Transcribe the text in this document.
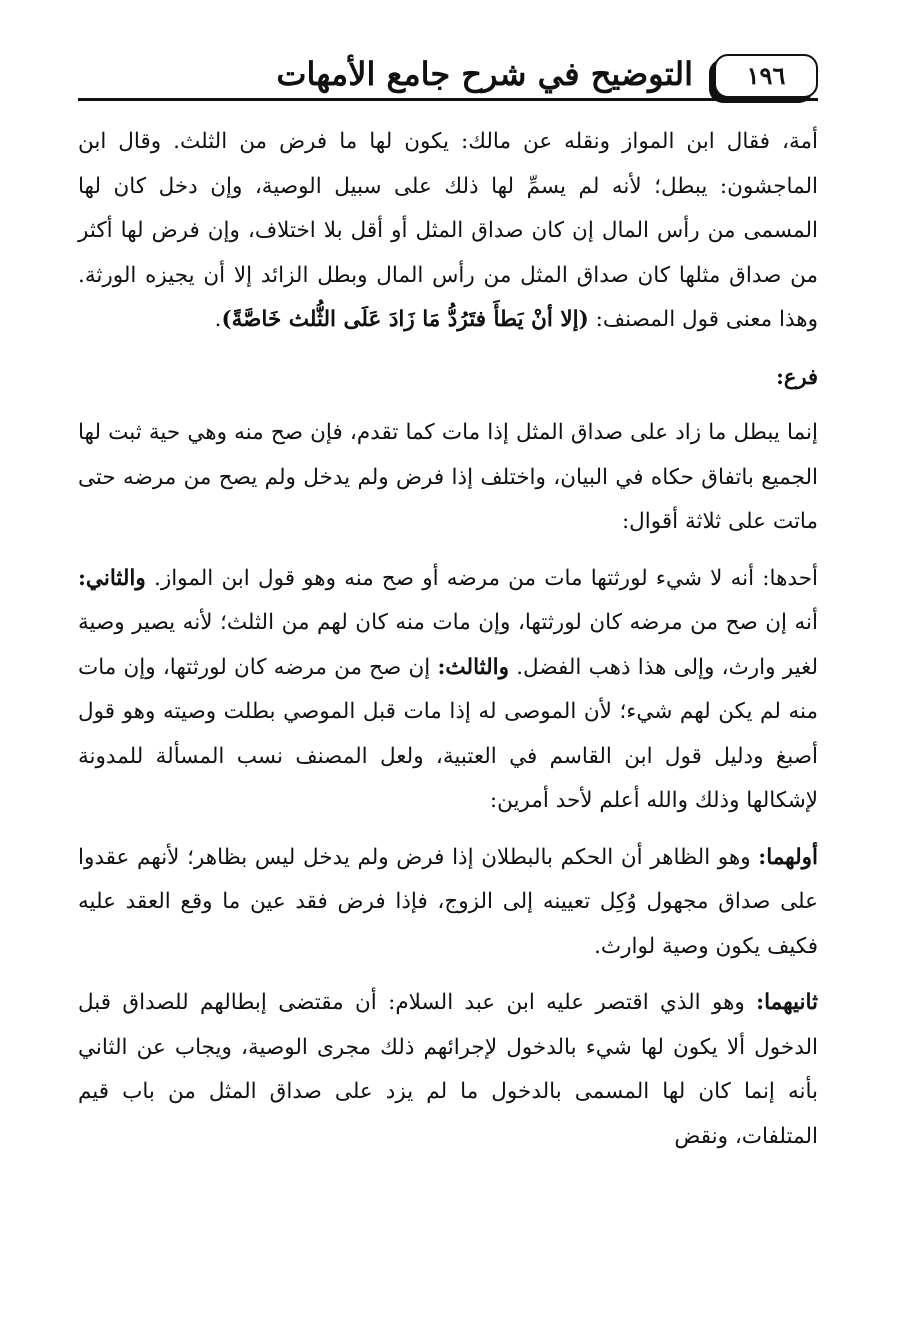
١٩٦
التوضيح في شرح جامع الأمهات

أمة، فقال ابن المواز ونقله عن مالك: يكون لها ما فرض من الثلث. وقال ابن الماجشون: يبطل؛ لأنه لم يسمِّ لها ذلك على سبيل الوصية، وإن دخل كان لها المسمى من رأس المال إن كان صداق المثل أو أقل بلا اختلاف، وإن فرض لها أكثر من صداق مثلها كان صداق المثل من رأس المال وبطل الزائد إلا أن يجيزه الورثة. وهذا معنى قول المصنف: (إلا أنْ يَطأَ فتَرُدُّ مَا زَادَ عَلَى الثُّلث خَاصَّةً).

فرع:

إنما يبطل ما زاد على صداق المثل إذا مات كما تقدم، فإن صح منه وهي حية ثبت لها الجميع باتفاق حكاه في البيان، واختلف إذا فرض ولم يدخل ولم يصح من مرضه حتى ماتت على ثلاثة أقوال:

أحدها: أنه لا شيء لورثتها مات من مرضه أو صح منه وهو قول ابن المواز. والثاني: أنه إن صح من مرضه كان لورثتها، وإن مات منه كان لهم من الثلث؛ لأنه يصير وصية لغير وارث، وإلى هذا ذهب الفضل. والثالث: إن صح من مرضه كان لورثتها، وإن مات منه لم يكن لهم شيء؛ لأن الموصى له إذا مات قبل الموصي بطلت وصيته وهو قول أصبغ ودليل قول ابن القاسم في العتبية، ولعل المصنف نسب المسألة للمدونة لإشكالها وذلك والله أعلم لأحد أمرين:

أولهما: وهو الظاهر أن الحكم بالبطلان إذا فرض ولم يدخل ليس بظاهر؛ لأنهم عقدوا على صداق مجهول وُكِل تعيينه إلى الزوج، فإذا فرض فقد عين ما وقع العقد عليه فكيف يكون وصية لوارث.

ثانيهما: وهو الذي اقتصر عليه ابن عبد السلام: أن مقتضى إبطالهم للصداق قبل الدخول ألا يكون لها شيء بالدخول لإجرائهم ذلك مجرى الوصية، ويجاب عن الثاني بأنه إنما كان لها المسمى بالدخول ما لم يزد على صداق المثل من باب قيم المتلفات، ونقض
